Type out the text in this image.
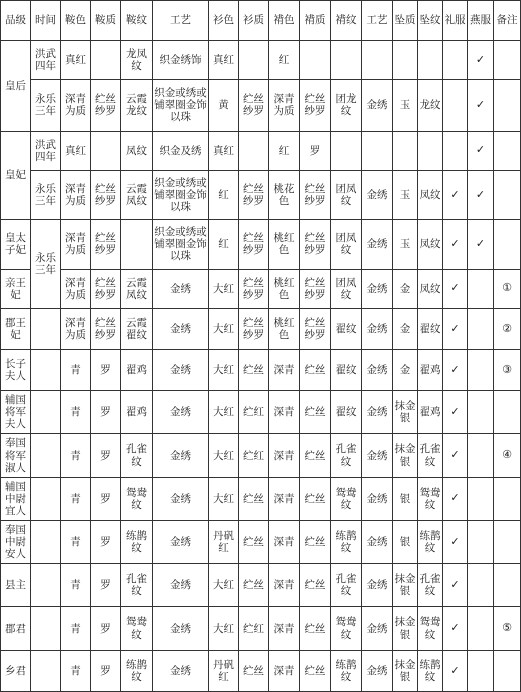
品级	时间	鞍色	鞍质	鞍纹	工艺	衫色	衫质	褙色	褙质	褙纹	工艺	坠质	坠纹	礼服	燕服	备注
皇后	洪武四年	真红		龙凤纹	织金绣饰	真红		红							✓	
	永乐三年	深青为质	纻丝纱罗	云霞龙纹	织金或绣或铺翠圈金饰以珠	黄	纻丝纱罗	深青为质	纻丝纱罗	团龙纹	金绣	玉	龙纹		✓	
皇妃	洪武四年	真红		凤纹	织金及绣	真红		红	罗						✓	
	永乐三年	深青为质	纻丝纱罗	云霞凤纹	织金或绣或铺翠圈金饰以珠	红	纻丝纱罗	桃花色	纻丝纱罗	团凤纹	金绣	玉	凤纹	✓	✓	
皇太子妃	永乐三年	深青为质	纻丝纱罗		织金或绣或铺翠圈金饰以珠	红	纻丝纱罗	桃红色	纻丝纱罗	团凤纹	金绣	玉	凤纹	✓	✓	
亲王妃		深青为质	纻丝纱罗	云霞凤纹	金绣	大红	纻丝纱罗	桃红色	纻丝纱罗	团凤纹	金绣	金	凤纹	✓		①
郡王妃		深青为质	纻丝纱罗	云霞翟纹	金绣	大红	纻丝纱罗	桃红色	纻丝纱罗	翟纹	金绣	金	翟纹	✓		②
长子夫人		青	罗	翟鸡	金绣	大红	纻丝	深青	纻丝	翟纹	金绣	金	翟鸡	✓		③
辅国将军夫人		青	罗	翟鸡	金绣	大红	纻红	深青	纻丝	翟纹	金绣	抹金银	翟鸡	✓		
奉国将军淑人		青	罗	孔雀纹	金绣	大红	纻红	深青	纻丝	孔雀纹	金绣	抹金银	孔雀纹	✓		④
辅国中尉宜人		青	罗	鸳鸯纹	金绣	大红	纻丝	深青	纻丝	鸳鸯纹	金绣	银	鸳鸯纹	✓		
奉国中尉安人		青	罗	练鹊纹	金绣	丹矾红	纻丝	深青	纻丝	练鹊纹	金绣	银	练鹊纹	✓		
县主		青	罗	孔雀纹	金绣	大红	纻丝	深青	纻丝	孔雀纹	金绣	抹金银	孔雀纹	✓		
郡君		青	罗	鸳鸯纹	金绣	大红	纻红	深青	纻丝	鸳鸯纹	金绣	抹金银	鸳鸯纹	✓		⑤
乡君		青	罗	练鹊纹	金绣	丹矾红	纻丝	深青	纻丝	练鹊纹	金绣	抹金银	练鹊纹	✓		
